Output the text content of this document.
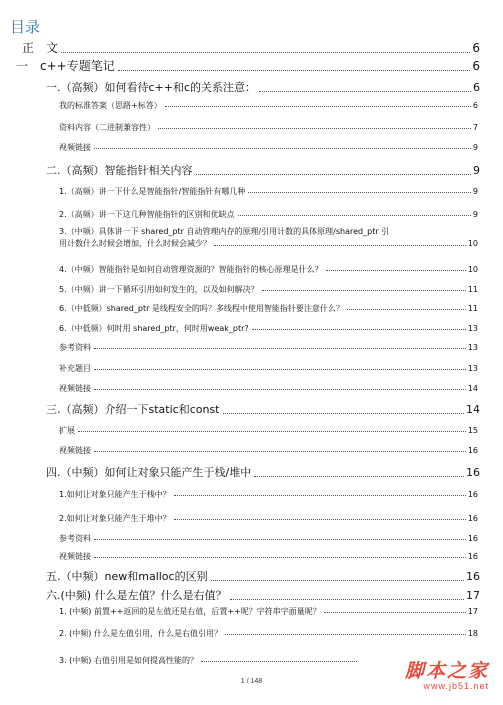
目录
正　文	6
一　c++专题笔记	6
一.（高频）如何看待c++和c的关系注意：	6
我的标准答案（思路+标答）	6
资料内容（二进制兼容性）	7
视频链接	9
二.（高频）智能指针相关内容	9
1.（高频）讲一下什么是智能指针/智能指针有哪几种	9
2.（高频）讲一下这几种智能指针的区别和优缺点	9
3.（中频）具体讲一下 shared_ptr 自动管理内存的原理/引用计数的具体原理/shared_ptr 引
用计数什么时候会增加，什么时候会减少？	10
4.（中频）智能指针是如何自动管理资源的？智能指针的核心原理是什么？	10
5.（中频）讲一下循环引用如何发生的，以及如何解决？	11
6.（中低频）shared_ptr 是线程安全的吗？多线程中使用智能指针要注意什么？	11
6.（中低频）何时用 shared_ptr，何时用weak_ptr?	13
参考资料	13
补充题目	13
视频链接	14
三.（高频）介绍一下static和const	14
扩展	15
视频链接	16
四.（中频）如何让对象只能产生于栈/堆中	16
1.如何让对象只能产生于栈中？	16
2.如何让对象只能产生于堆中？	16
参考资料	16
视频链接	16
五.（中频）new和malloc的区别	16
六.(中频) 什么是左值？什么是右值？	17
1. (中频) 前置++返回的是左值还是右值，后置++呢？字符串字面量呢？	17
2. (中频) 什么是左值引用，什么是右值引用？	18
3. (中频) 右值引用是如何提高性能的？
1 / 148	脚本之家
www.jb51.net
